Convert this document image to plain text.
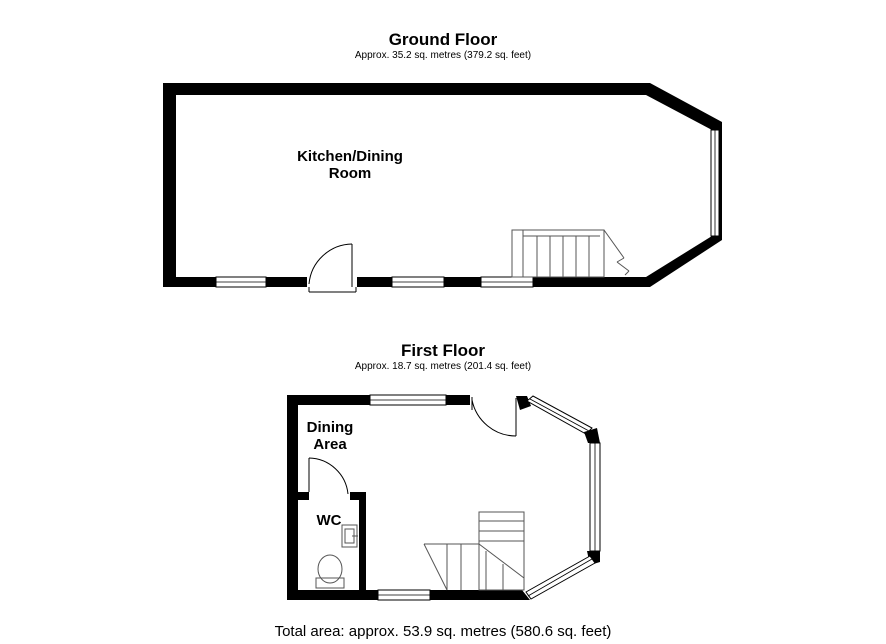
Ground Floor
Approx. 35.2 sq. metres (379.2 sq. feet)
First Floor
Approx. 18.7 sq. metres (201.4 sq. feet)
Kitchen/Dining
Room
Dining
Area
WC
Total area: approx. 53.9 sq. metres (580.6 sq. feet)
